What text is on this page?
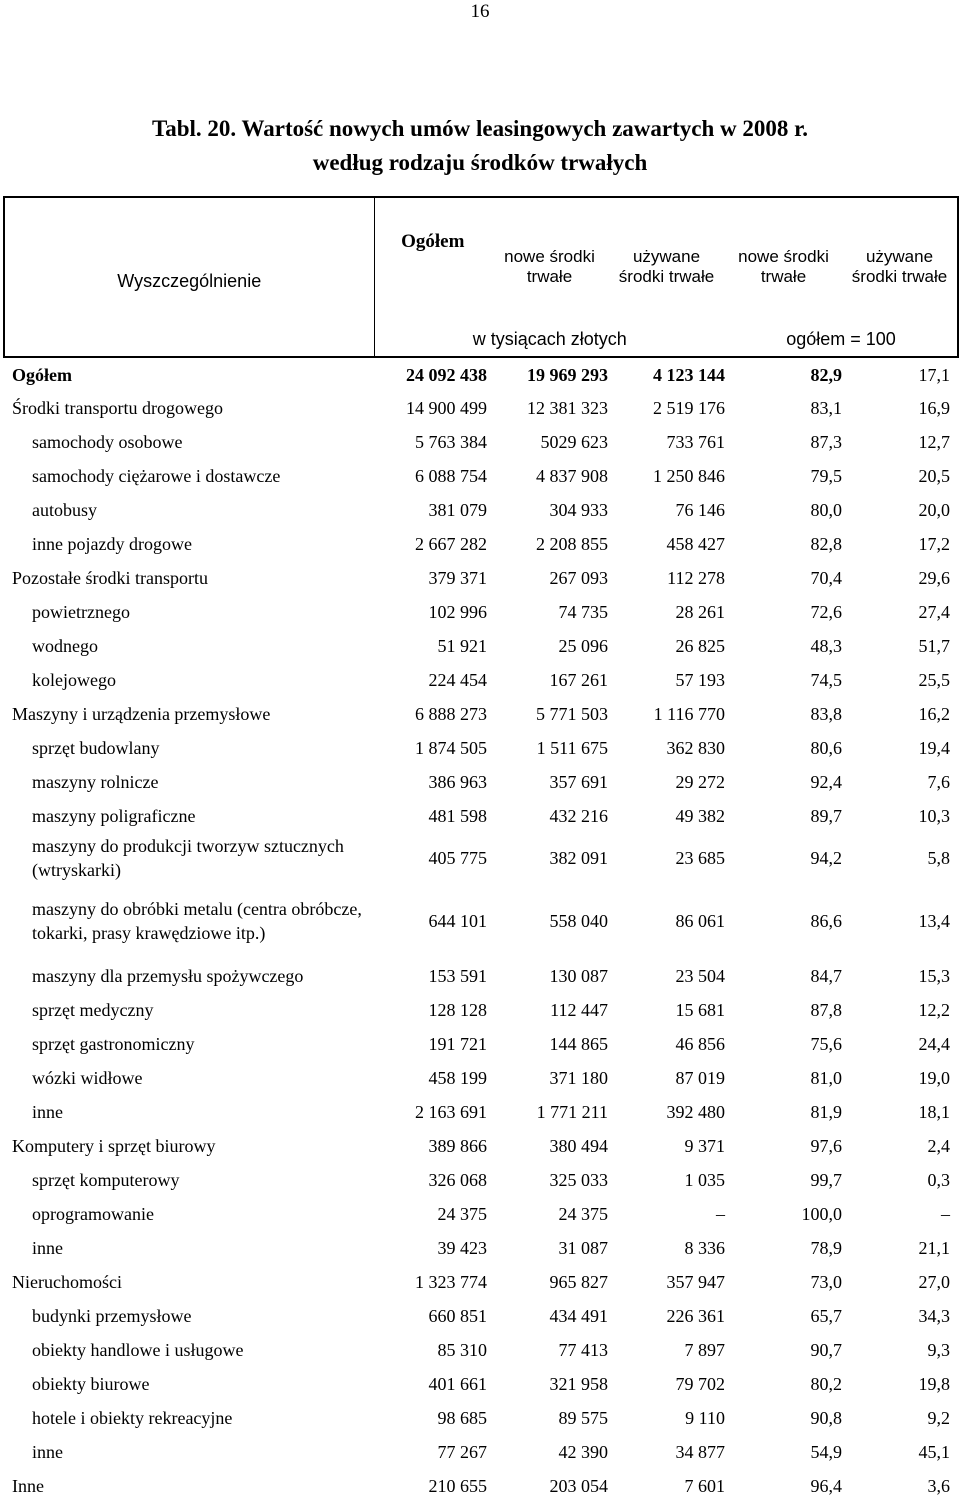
16
Tabl. 20. Wartość nowych umów leasingowych zawartych w 2008 r.
według rodzaju środków trwałych
Wyszczególnienie	Ogółem	nowe środki trwałe	używane środki trwałe	nowe środki trwałe	używane środki trwałe
	w tysiącach złotych			ogółem = 100	
Ogółem	24 092 438	19 969 293	4 123 144	82,9	17,1
Środki transportu drogowego	14 900 499	12 381 323	2 519 176	83,1	16,9
samochody osobowe	5 763 384	5029 623	733 761	87,3	12,7
samochody ciężarowe i dostawcze	6 088 754	4 837 908	1 250 846	79,5	20,5
autobusy	381 079	304 933	76 146	80,0	20,0
inne pojazdy drogowe	2 667 282	2 208 855	458 427	82,8	17,2
Pozostałe środki transportu	379 371	267 093	112 278	70,4	29,6
powietrznego	102 996	74 735	28 261	72,6	27,4
wodnego	51 921	25 096	26 825	48,3	51,7
kolejowego	224 454	167 261	57 193	74,5	25,5
Maszyny i urządzenia przemysłowe	6 888 273	5 771 503	1 116 770	83,8	16,2
sprzęt budowlany	1 874 505	1 511 675	362 830	80,6	19,4
maszyny rolnicze	386 963	357 691	29 272	92,4	7,6
maszyny poligraficzne	481 598	432 216	49 382	89,7	10,3
maszyny do produkcji tworzyw sztucznych (wtryskarki)	405 775	382 091	23 685	94,2	5,8
maszyny do obróbki metalu (centra obróbcze, tokarki, prasy krawędziowe itp.)	644 101	558 040	86 061	86,6	13,4
maszyny dla przemysłu spożywczego	153 591	130 087	23 504	84,7	15,3
sprzęt medyczny	128 128	112 447	15 681	87,8	12,2
sprzęt gastronomiczny	191 721	144 865	46 856	75,6	24,4
wózki widłowe	458 199	371 180	87 019	81,0	19,0
inne	2 163 691	1 771 211	392 480	81,9	18,1
Komputery i sprzęt biurowy	389 866	380 494	9 371	97,6	2,4
sprzęt komputerowy	326 068	325 033	1 035	99,7	0,3
oprogramowanie	24 375	24 375	–	100,0	–
inne	39 423	31 087	8 336	78,9	21,1
Nieruchomości	1 323 774	965 827	357 947	73,0	27,0
budynki przemysłowe	660 851	434 491	226 361	65,7	34,3
obiekty handlowe i usługowe	85 310	77 413	7 897	90,7	9,3
obiekty biurowe	401 661	321 958	79 702	80,2	19,8
hotele i obiekty rekreacyjne	98 685	89 575	9 110	90,8	9,2
inne	77 267	42 390	34 877	54,9	45,1
Inne	210 655	203 054	7 601	96,4	3,6
